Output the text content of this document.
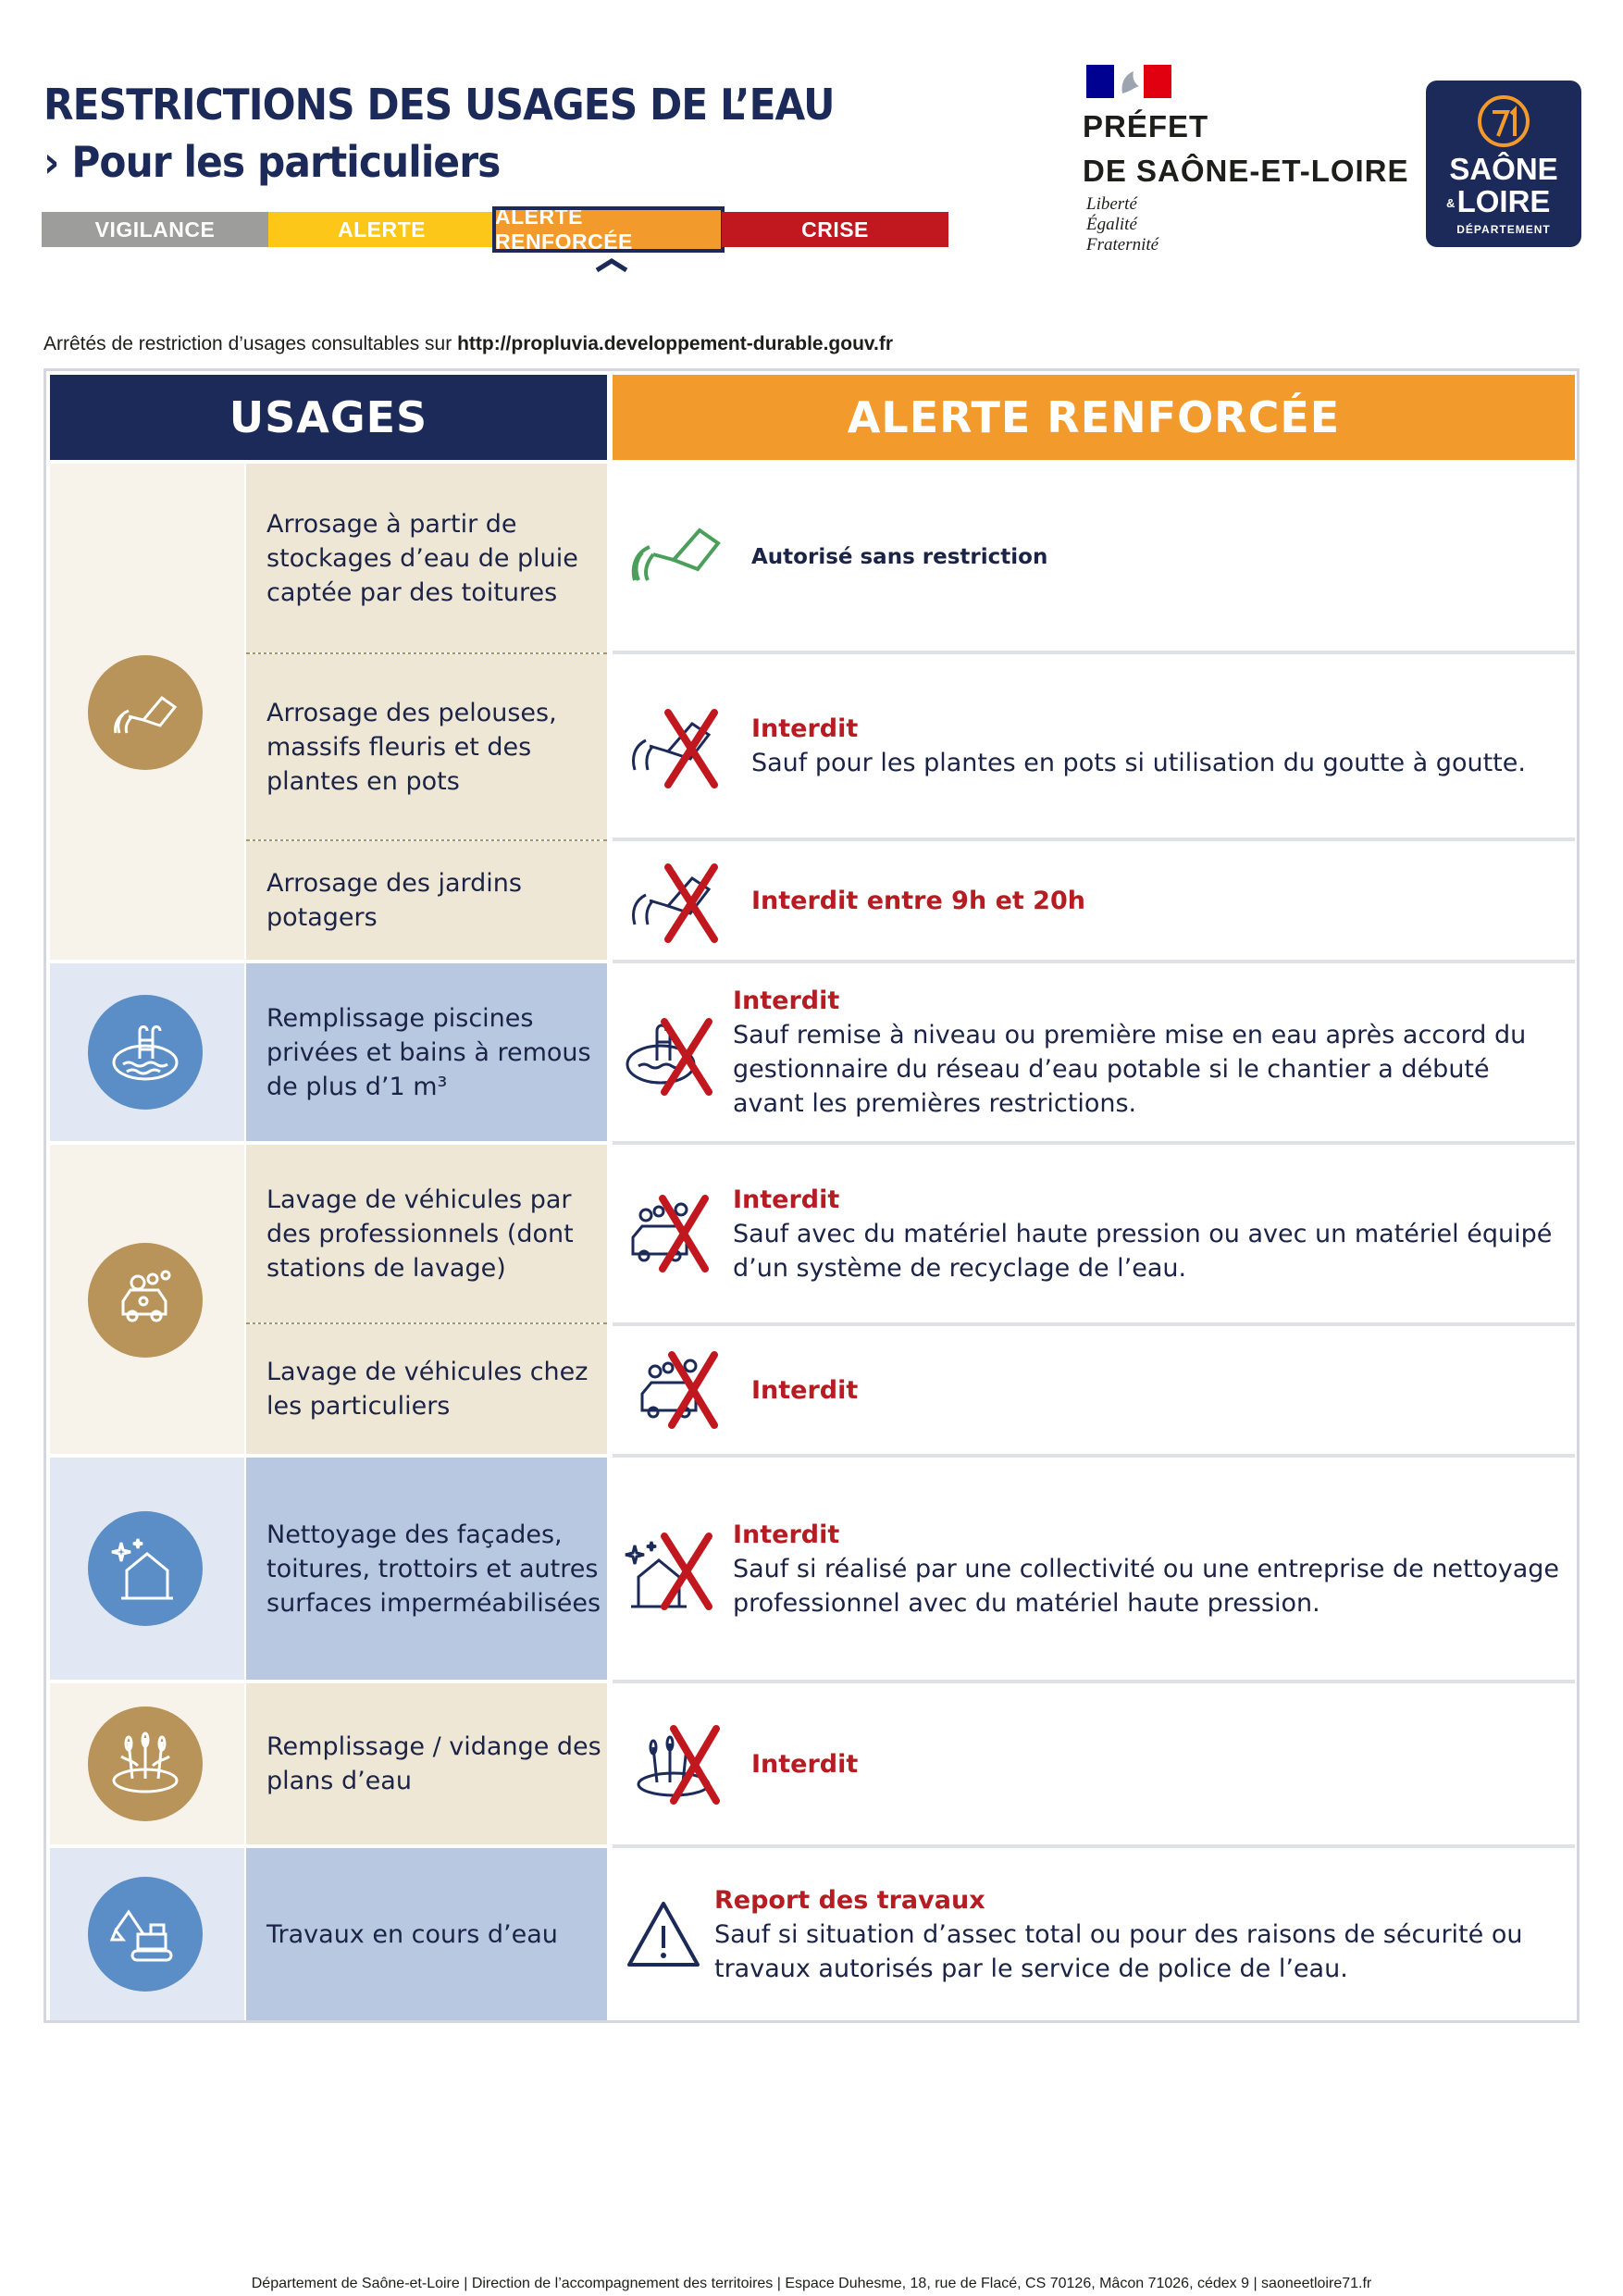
RESTRICTIONS DES USAGES DE L’EAU
› Pour les particuliers
VIGILANCE	ALERTE
ALERTE RENFORCÉE
CRISE
PRÉFET
DE SAÔNE-ET-LOIRE
Liberté
Égalité
Fraternité
SAÔNE
& LOIRE
DÉPARTEMENT
Arrêtés de restriction d’usages consultables sur http://propluvia.developpement-durable.gouv.fr
USAGES	ALERTE RENFORCÉE
Arrosage à partir de stockages d’eau de pluie captée par des toitures
Arrosage des pelouses, massifs fleuris et des plantes en pots
Arrosage des jardins potagers
Autorisé sans restriction
Interdit
Sauf pour les plantes en pots si utilisation du goutte à goutte.
Interdit entre 9h et 20h
Remplissage piscines privées et bains à remous de plus d’1 m³
Interdit
Sauf remise à niveau ou première mise en eau après accord du gestionnaire du réseau d’eau potable si le chantier a débuté avant les premières restrictions.
Lavage de véhicules par des professionnels (dont stations de lavage)
Lavage de véhicules chez les particuliers
Interdit
Sauf avec du matériel haute pression ou avec un matériel équipé d’un système de recyclage de l’eau.
Interdit
Nettoyage des façades, toitures, trottoirs et autres surfaces imperméabilisées
Interdit
Sauf si réalisé par une collectivité ou une entreprise de nettoyage professionnel avec du matériel haute pression.
Remplissage / vidange des plans d’eau
Interdit
Travaux en cours d’eau
Report des travaux
Sauf si situation d’assec total ou pour des raisons de sécurité ou travaux autorisés par le service de police de l’eau.
Département de Saône-et-Loire | Direction de l’accompagnement des territoires | Espace Duhesme, 18, rue de Flacé, CS 70126, Mâcon 71026, cédex 9 | saoneetloire71.fr
